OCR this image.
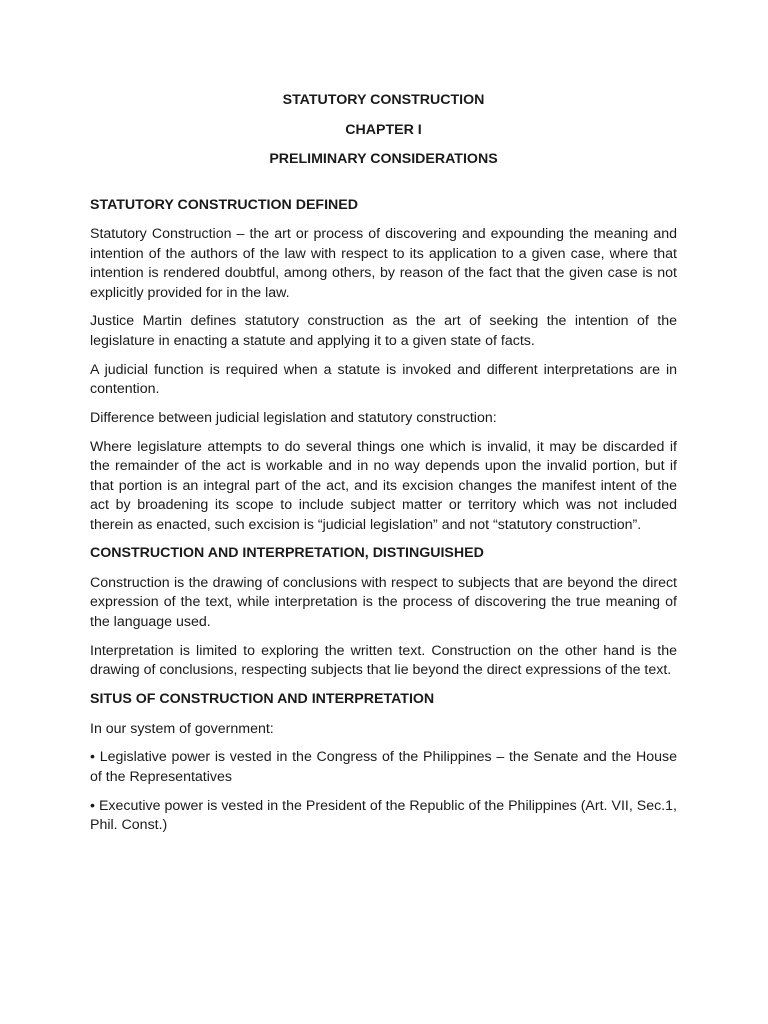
STATUTORY CONSTRUCTION
CHAPTER I
PRELIMINARY CONSIDERATIONS
STATUTORY CONSTRUCTION DEFINED

Statutory Construction – the art or process of discovering and expounding the meaning and intention of the authors of the law with respect to its application to a given case, where that intention is rendered doubtful, among others, by reason of the fact that the given case is not explicitly provided for in the law.

Justice Martin defines statutory construction as the art of seeking the intention of the legislature in enacting a statute and applying it to a given state of facts.

A judicial function is required when a statute is invoked and different interpretations are in contention.

Difference between judicial legislation and statutory construction:

Where legislature attempts to do several things one which is invalid, it may be discarded if the remainder of the act is workable and in no way depends upon the invalid portion, but if that portion is an integral part of the act, and its excision changes the manifest intent of the act by broadening its scope to include subject matter or territory which was not included therein as enacted, such excision is “judicial legislation” and not “statutory construction”.

CONSTRUCTION AND INTERPRETATION, DISTINGUISHED

Construction is the drawing of conclusions with respect to subjects that are beyond the direct expression of the text, while interpretation is the process of discovering the true meaning of the language used.

Interpretation is limited to exploring the written text. Construction on the other hand is the drawing of conclusions, respecting subjects that lie beyond the direct expressions of the text.

SITUS OF CONSTRUCTION AND INTERPRETATION

In our system of government:

• Legislative power is vested in the Congress of the Philippines – the Senate and the House of the Representatives
• Executive power is vested in the President of the Republic of the Philippines (Art. VII, Sec.1, Phil. Const.)
